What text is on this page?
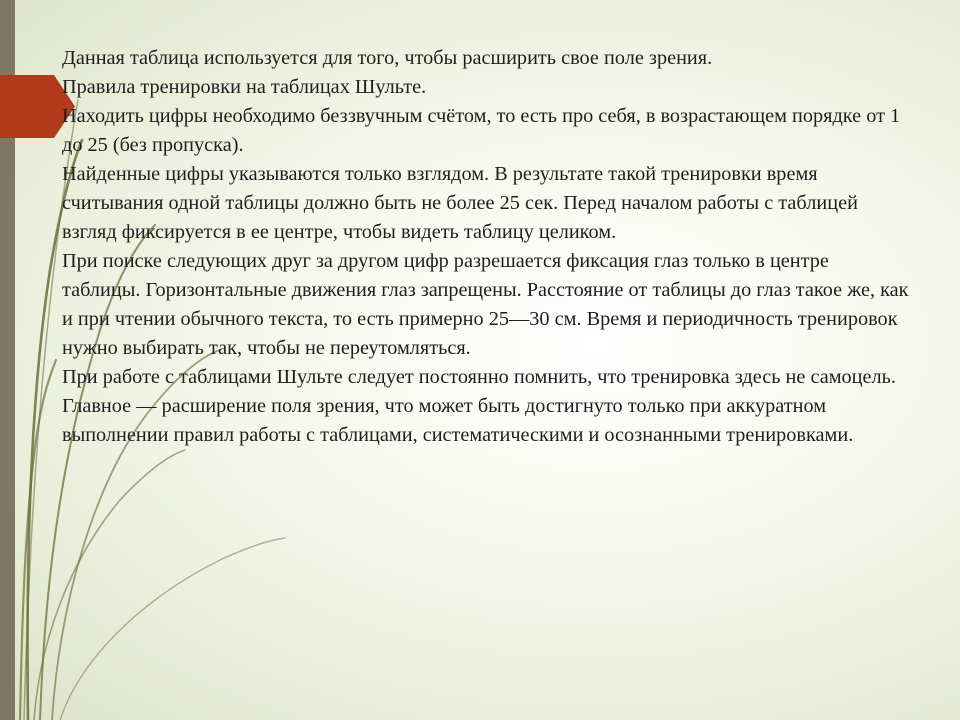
Данная таблица используется для того, чтобы расширить свое поле зрения.

Правила тренировки на таблицах Шульте.

Находить цифры необходимо беззвучным счётом, то есть про себя, в возрастающем порядке от 1 до 25 (без пропуска).

Найденные цифры указываются только взглядом. В результате такой тренировки время считывания одной таблицы должно быть не более 25 сек. Перед началом работы с таблицей взгляд фиксируется в ее центре, чтобы видеть таблицу целиком.

При поиске следующих друг за другом цифр разрешается фиксация глаз только в центре таблицы. Горизонтальные движения глаз запрещены. Расстояние от таблицы до глаз такое же, как и при чтении обычного текста, то есть примерно 25—30 см. Время и периодичность тренировок нужно выбирать так, чтобы не переутомляться.

При работе с таблицами Шульте следует постоянно помнить, что тренировка здесь не самоцель.

Главное — расширение поля зрения, что может быть достигнуто только при аккуратном выполнении правил работы с таблицами, систематическими и осознанными тренировками.
